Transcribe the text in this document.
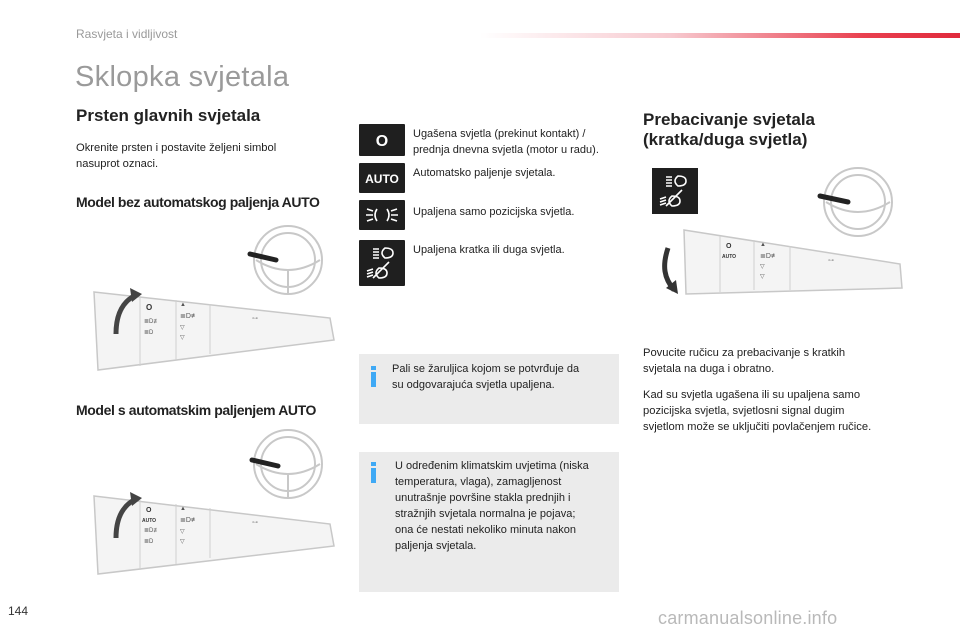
Rasvjeta i vidljivost
Sklopka svjetala
Prsten glavnih svjetala
Okrenite prsten i postavite željeni simbol
nasuprot oznaci.
Model bez automatskog paljenja AUTO
O	▲
≣D≢
▽
▽
≣D≢
≣D
⊶
Model s automatskim paljenjem AUTO
O
AUTO
▲
≣D≢
▽
▽
≣D≢
≣D
⊶
O Ugašena svjetla (prekinut kontakt) /
prednja dnevna svjetla (motor u radu).
AUTO Automatsko paljenje svjetala.
Upaljena samo pozicijska svjetla.
Upaljena kratka ili duga svjetla.
Pali se žaruljica kojom se potvrđuje da
su odgovarajuća svjetla upaljena.
U određenim klimatskim uvjetima (niska
temperatura, vlaga), zamagljenost
unutrašnje površine stakla prednjih i
stražnjih svjetala normalna je pojava;
ona će nestati nekoliko minuta nakon
paljenja svjetala.
Prebacivanje svjetala
(kratka/duga svjetla)
O
AUTO
▲
≣D≢
▽
▽
⊶
Povucite ručicu za prebacivanje s kratkih
svjetala na duga i obratno.
Kad su svjetla ugašena ili su upaljena samo
pozicijska svjetla, svjetlosni signal dugim
svjetlom može se uključiti povlačenjem ručice.
144	carmanualsonline.info
